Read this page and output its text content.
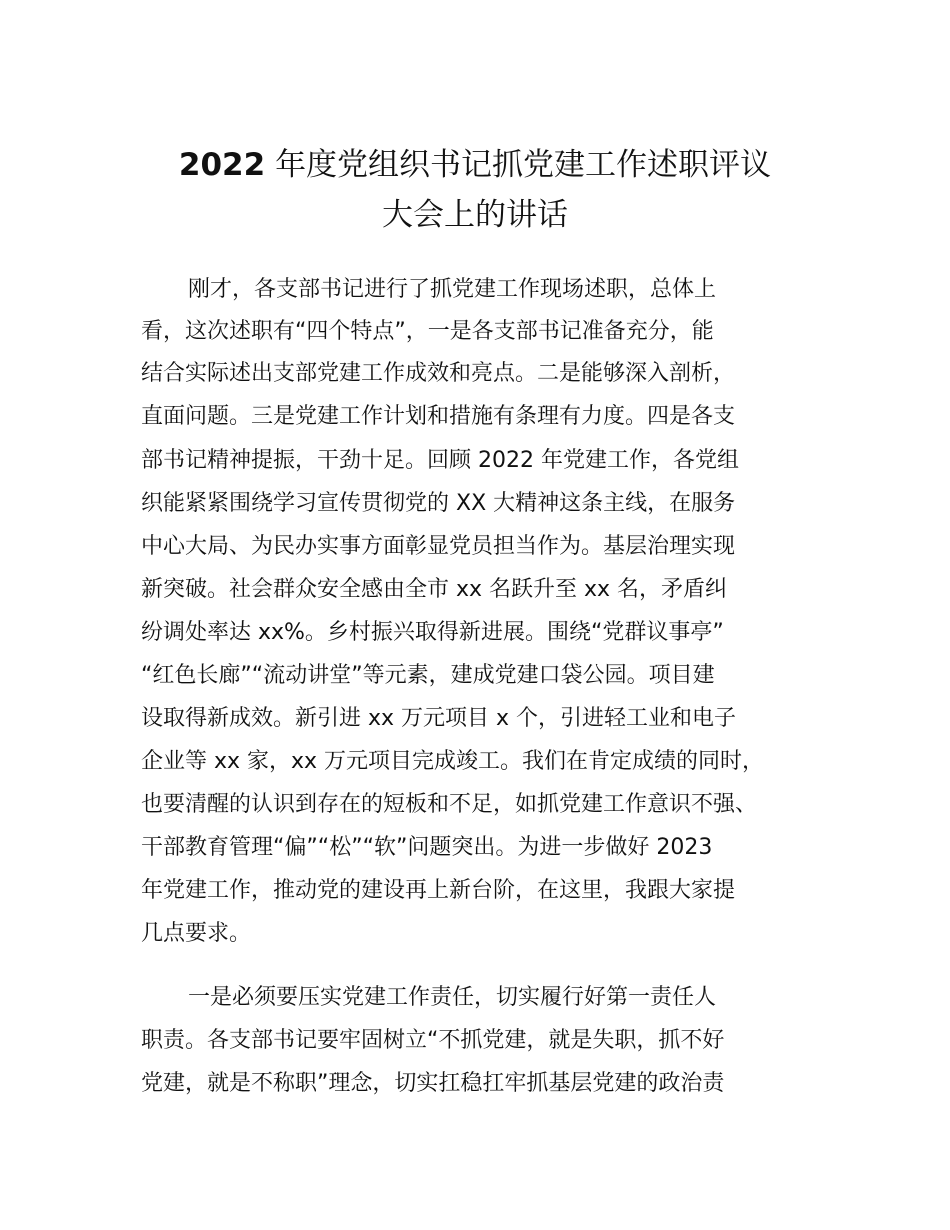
2022 年度党组织书记抓党建工作述职评议
大会上的讲话

刚才，各支部书记进行了抓党建工作现场述职，总体上

看，这次述职有“四个特点”，一是各支部书记准备充分，能

结合实际述出支部党建工作成效和亮点。二是能够深入剖析，

直面问题。三是党建工作计划和措施有条理有力度。四是各支

部书记精神提振，干劲十足。回顾 2022 年党建工作，各党组

织能紧紧围绕学习宣传贯彻党的 XX 大精神这条主线，在服务

中心大局、为民办实事方面彰显党员担当作为。基层治理实现

新突破。社会群众安全感由全市 xx 名跃升至 xx 名，矛盾纠

纷调处率达 xx%。乡村振兴取得新进展。围绕“党群议事亭”

“红色长廊”“流动讲堂”等元素，建成党建口袋公园。项目建

设取得新成效。新引进 xx 万元项目 x 个，引进轻工业和电子

企业等 xx 家，xx 万元项目完成竣工。我们在肯定成绩的同时，

也要清醒的认识到存在的短板和不足，如抓党建工作意识不强、

干部教育管理“偏”“松”“软”问题突出。为进一步做好 2023

年党建工作，推动党的建设再上新台阶，在这里，我跟大家提

几点要求。

一是必须要压实党建工作责任，切实履行好第一责任人

职责。各支部书记要牢固树立“不抓党建，就是失职，抓不好

党建，就是不称职”理念，切实扛稳扛牢抓基层党建的政治责
